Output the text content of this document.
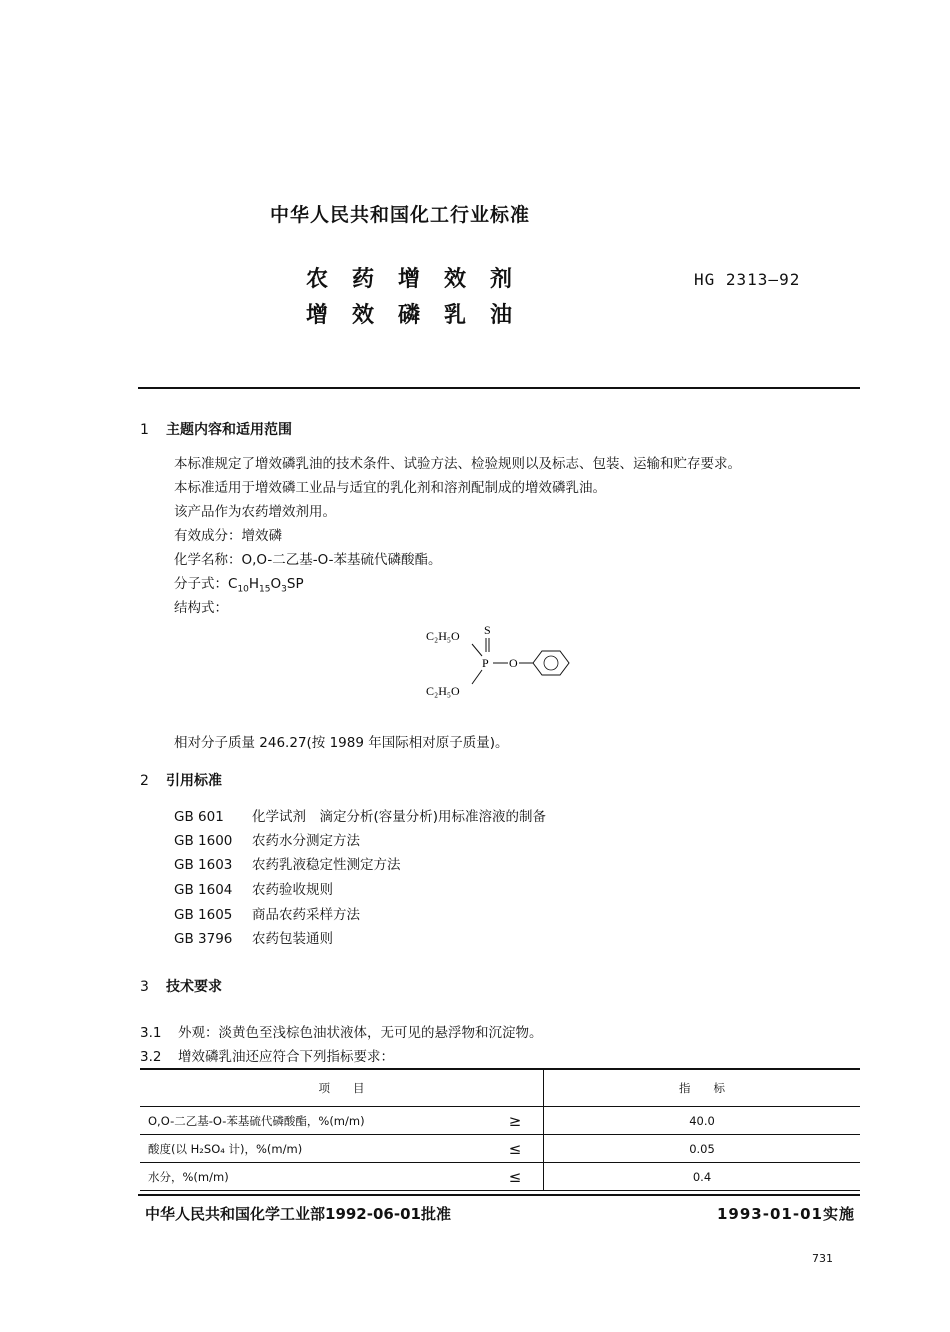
中华人民共和国化工行业标准
农药增效剂
增效磷乳油
HG 2313—92
1 主题内容和适用范围
本标准规定了增效磷乳油的技术条件、试验方法、检验规则以及标志、包装、运输和贮存要求。
本标准适用于增效磷工业品与适宜的乳化剂和溶剂配制成的增效磷乳油。
该产品作为农药增效剂用。
有效成分：增效磷
化学名称：O,O-二乙基-O-苯基硫代磷酸酯。
分子式：$C_{10}H_{15}O_3SP$
结构式：
C₂H₅O S
P O
C₂H₅O
相对分子质量 246.27(按 1989 年国际相对原子质量)。
2 引用标准
GB 601 化学试剂　滴定分析(容量分析)用标准溶液的制备
GB 1600 农药水分测定方法
GB 1603 农药乳液稳定性测定方法
GB 1604 农药验收规则
GB 1605 商品农药采样方法
GB 3796 农药包装通则
3 技术要求
3.1 外观：淡黄色至浅棕色油状液体，无可见的悬浮物和沉淀物。
3.2 增效磷乳油还应符合下列指标要求：
项　　目		指　　标
O,O-二乙基-O-苯基硫代磷酸酯，%(m/m)	≥	40.0
酸度(以 H₂SO₄ 计)，%(m/m)	≤	0.05
水分，%(m/m)	≤	0.4
中华人民共和国化学工业部1992-06-01批准	1993-01-01实施
731
